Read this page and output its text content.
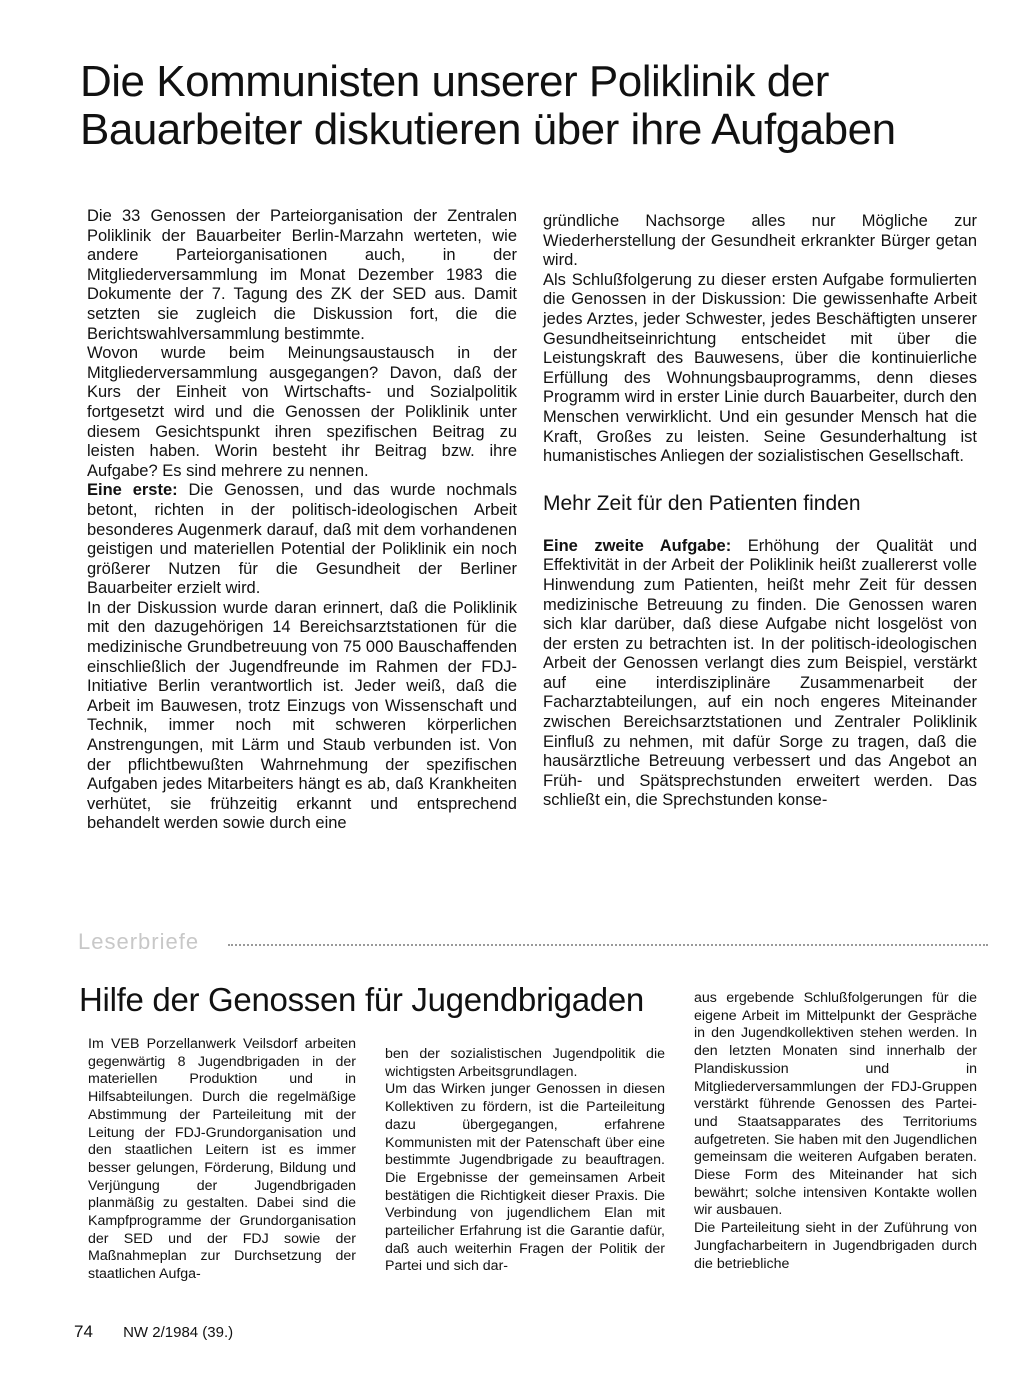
Die Kommunisten unserer Poliklinik der Bauarbeiter diskutieren über ihre Aufgaben

Die 33 Genossen der Parteiorganisation der Zentralen Poliklinik der Bauarbeiter Berlin-Marzahn werteten, wie andere Parteiorganisationen auch, in der Mitgliederversammlung im Monat Dezember 1983 die Dokumente der 7. Tagung des ZK der SED aus. Damit setzten sie zugleich die Diskussion fort, die die Berichtswahlversammlung bestimmte.

Wovon wurde beim Meinungsaustausch in der Mitgliederversammlung ausgegangen? Davon, daß der Kurs der Einheit von Wirtschafts- und Sozialpolitik fortgesetzt wird und die Genossen der Poliklinik unter diesem Gesichtspunkt ihren spezifischen Beitrag zu leisten haben. Worin besteht ihr Beitrag bzw. ihre Aufgabe? Es sind mehrere zu nennen.

Eine erste: Die Genossen, und das wurde nochmals betont, richten in der politisch-ideologischen Arbeit besonderes Augenmerk darauf, daß mit dem vorhandenen geistigen und materiellen Potential der Poliklinik ein noch größerer Nutzen für die Gesundheit der Berliner Bauarbeiter erzielt wird.

In der Diskussion wurde daran erinnert, daß die Poliklinik mit den dazugehörigen 14 Bereichsarztstationen für die medizinische Grundbetreuung von 75 000 Bauschaffenden einschließlich der Jugendfreunde im Rahmen der FDJ-Initiative Berlin verantwortlich ist. Jeder weiß, daß die Arbeit im Bauwesen, trotz Einzugs von Wissenschaft und Technik, immer noch mit schweren körperlichen Anstrengungen, mit Lärm und Staub verbunden ist. Von der pflichtbewußten Wahrnehmung der spezifischen Aufgaben jedes Mitarbeiters hängt es ab, daß Krankheiten verhütet, sie frühzeitig erkannt und entsprechend behandelt werden sowie durch eine

gründliche Nachsorge alles nur Mögliche zur Wiederherstellung der Gesundheit erkrankter Bürger getan wird.

Als Schlußfolgerung zu dieser ersten Aufgabe formulierten die Genossen in der Diskussion: Die gewissenhafte Arbeit jedes Arztes, jeder Schwester, jedes Beschäftigten unserer Gesundheitseinrichtung entscheidet mit über die Leistungskraft des Bauwesens, über die kontinuierliche Erfüllung des Wohnungsbauprogramms, denn dieses Programm wird in erster Linie durch Bauarbeiter, durch den Menschen verwirklicht. Und ein gesunder Mensch hat die Kraft, Großes zu leisten. Seine Gesunderhaltung ist humanistisches Anliegen der sozialistischen Gesellschaft.

Mehr Zeit für den Patienten finden

Eine zweite Aufgabe: Erhöhung der Qualität und Effektivität in der Arbeit der Poliklinik heißt zuallererst volle Hinwendung zum Patienten, heißt mehr Zeit für dessen medizinische Betreuung zu finden. Die Genossen waren sich klar darüber, daß diese Aufgabe nicht losgelöst von der ersten zu betrachten ist. In der politisch-ideologischen Arbeit der Genossen verlangt dies zum Beispiel, verstärkt auf eine interdisziplinäre Zusammenarbeit der Facharztabteilungen, auf ein noch engeres Miteinander zwischen Bereichsarztstationen und Zentraler Poliklinik Einfluß zu nehmen, mit dafür Sorge zu tragen, daß die hausärztliche Betreuung verbessert und das Angebot an Früh- und Spätsprechstunden erweitert werden. Das schließt ein, die Sprechstunden konse-

Leserbriefe
Hilfe der Genossen für Jugendbrigaden

Im VEB Porzellanwerk Veilsdorf arbeiten gegenwärtig 8 Jugendbrigaden in der materiellen Produktion und in Hilfsabteilungen. Durch die regelmäßige Abstimmung der Parteileitung mit der Leitung der FDJ-Grundorganisation und den staatlichen Leitern ist es immer besser gelungen, Förderung, Bildung und Verjüngung der Jugendbrigaden planmäßig zu gestalten. Dabei sind die Kampfprogramme der Grundorganisation der SED und der FDJ sowie der Maßnahmeplan zur Durchsetzung der staatlichen Aufga-

ben der sozialistischen Jugendpolitik die wichtigsten Arbeitsgrundlagen.

Um das Wirken junger Genossen in diesen Kollektiven zu fördern, ist die Parteileitung dazu übergegangen, erfahrene Kommunisten mit der Patenschaft über eine bestimmte Jugendbrigade zu beauftragen. Die Ergebnisse der gemeinsamen Arbeit bestätigen die Richtigkeit dieser Praxis. Die Verbindung von jugendlichem Elan mit parteilicher Erfahrung ist die Garantie dafür, daß auch weiterhin Fragen der Politik der Partei und sich dar-

aus ergebende Schlußfolgerungen für die eigene Arbeit im Mittelpunkt der Gespräche in den Jugendkollektiven stehen werden. In den letzten Monaten sind innerhalb der Plandiskussion und in Mitgliederversammlungen der FDJ-Gruppen verstärkt führende Genossen des Partei- und Staatsapparates des Territoriums aufgetreten. Sie haben mit den Jugendlichen gemeinsam die weiteren Aufgaben beraten. Diese Form des Miteinander hat sich bewährt; solche intensiven Kontakte wollen wir ausbauen.

Die Parteileitung sieht in der Zuführung von Jungfacharbeitern in Jugendbrigaden durch die betriebliche

74 NW 2/1984 (39.)
